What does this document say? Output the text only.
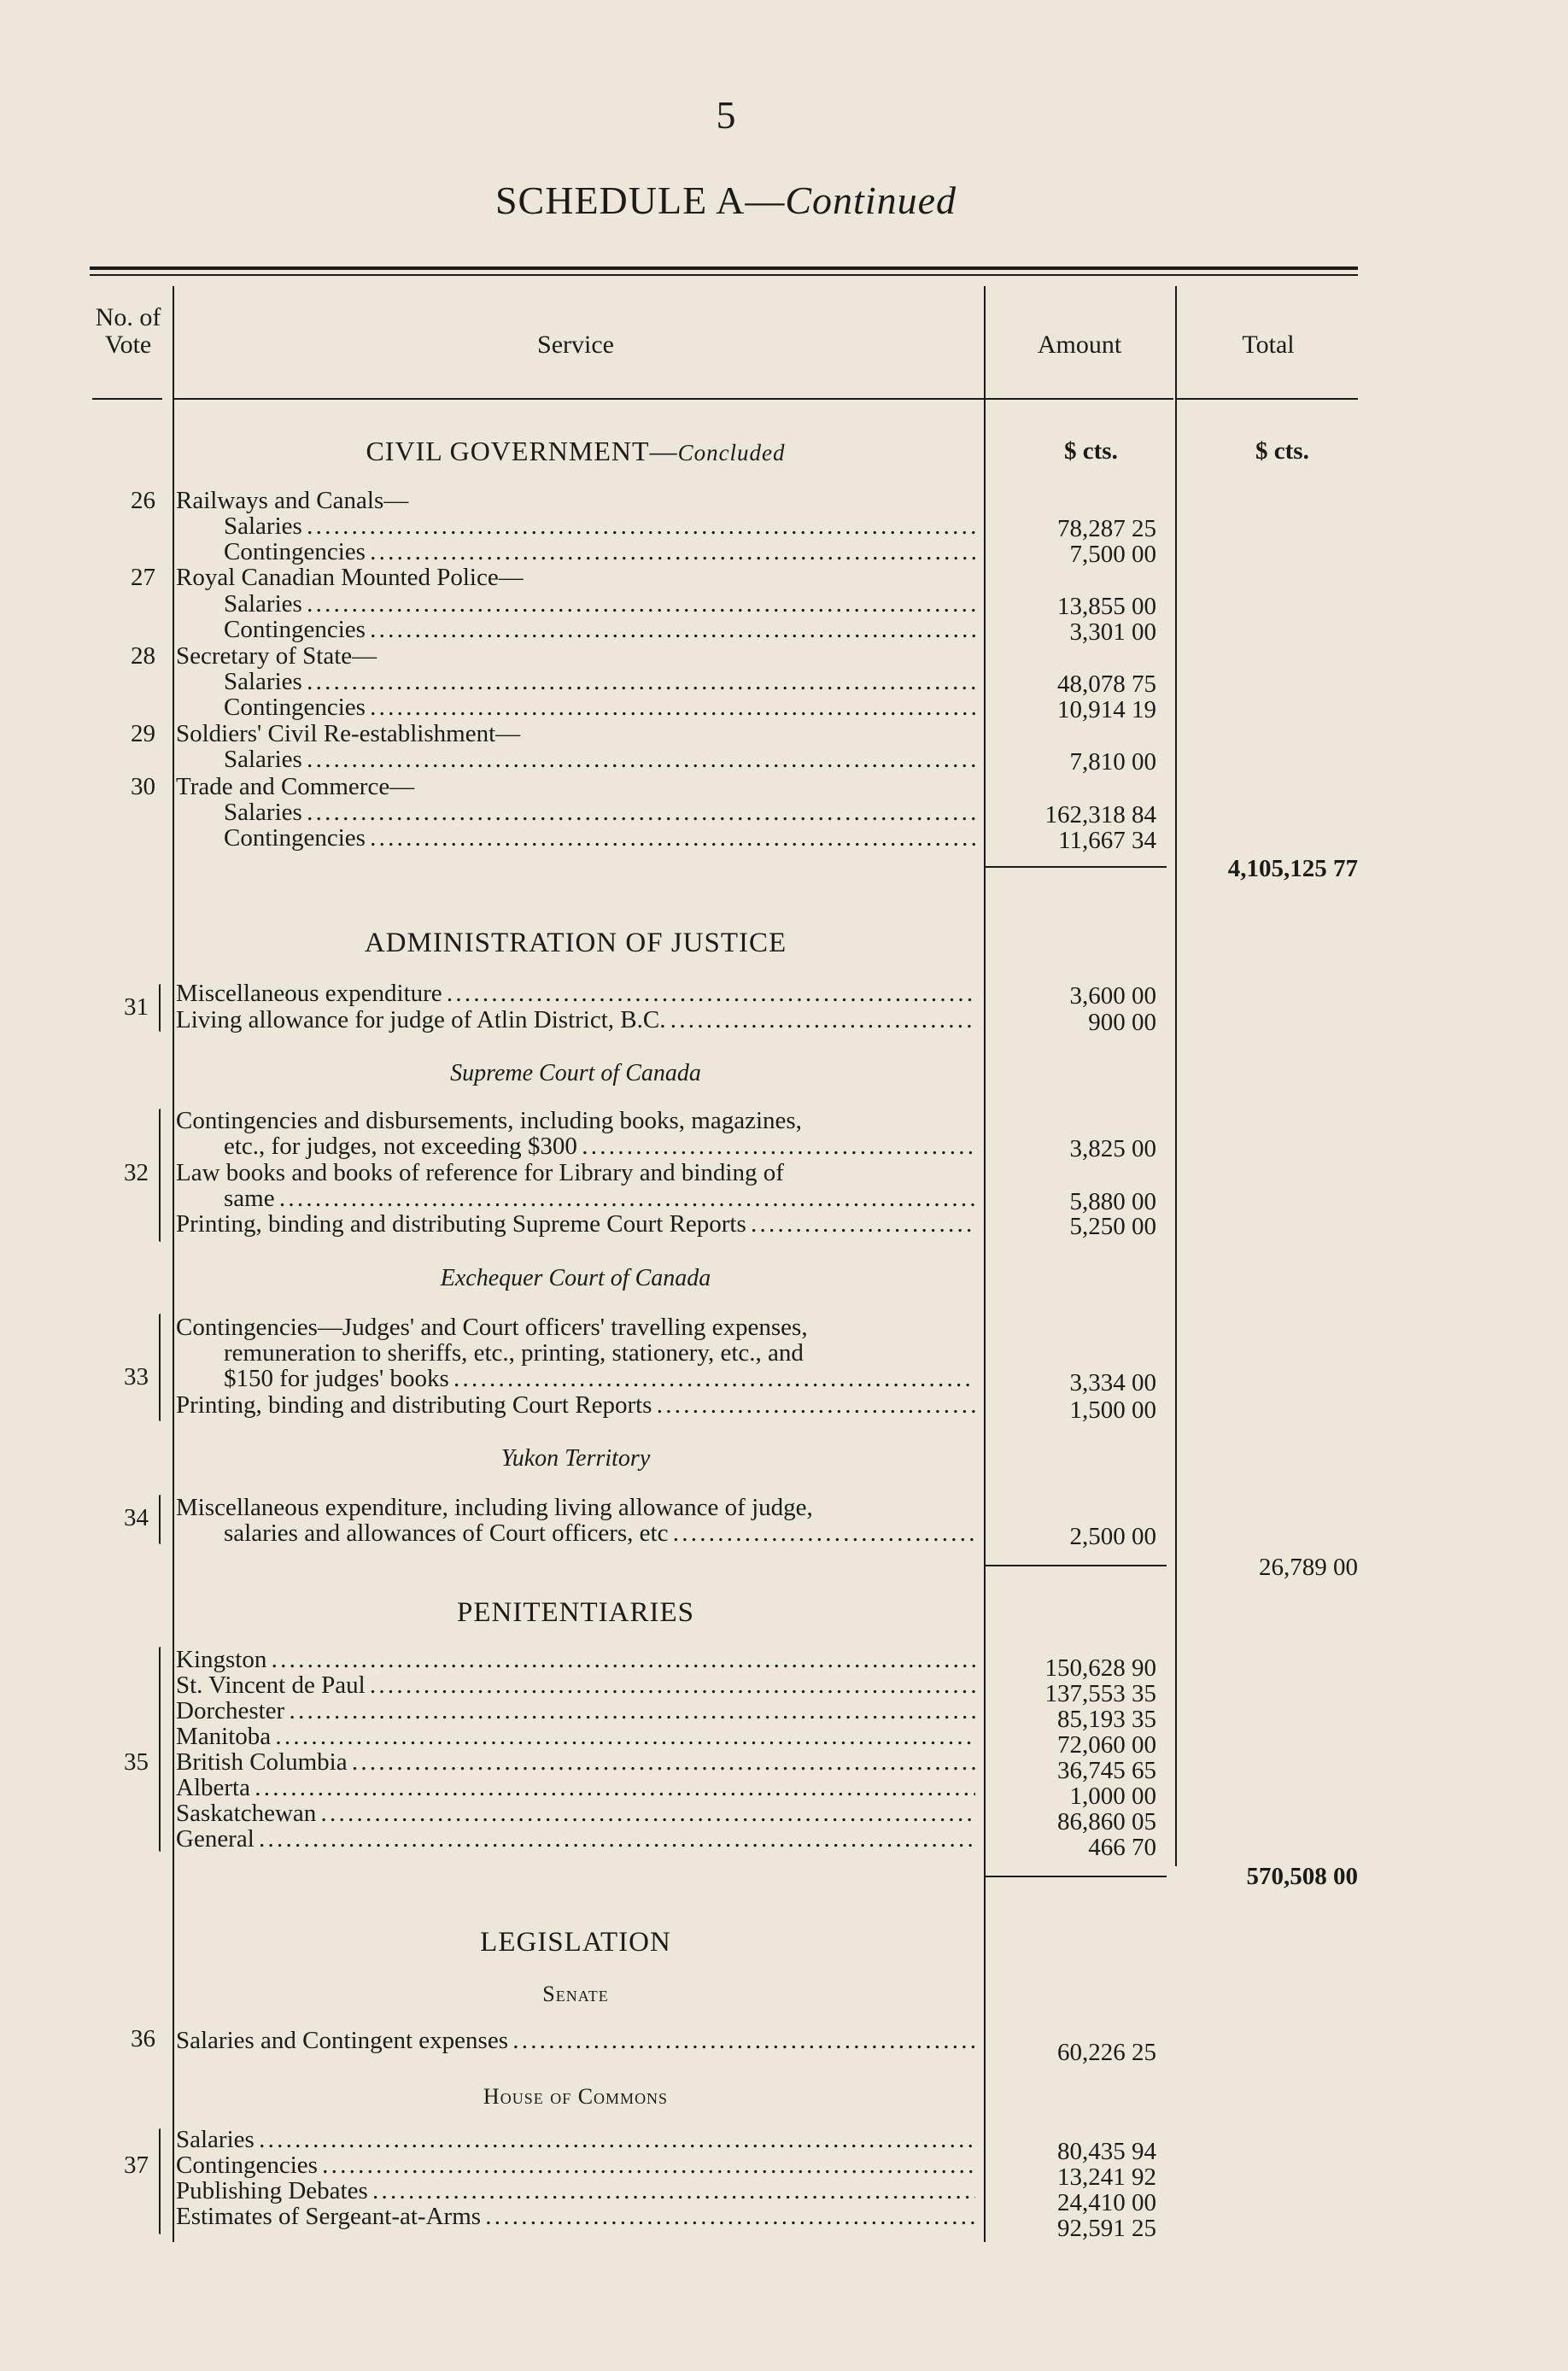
5
SCHEDULE A—Continued
No. of Vote	Service	Amount	Total
$ cts.	$ cts.
CIVIL GOVERNMENT—Concluded
26 Railways and Canals—
Salaries . . .	78,287 25
Contingencies . . .	7,500 00
27 Royal Canadian Mounted Police—
Salaries . . .	13,855 00
Contingencies . . .	3,301 00
28 Secretary of State—
Salaries . . .	48,078 75
Contingencies . . .	10,914 19
29 Soldiers' Civil Re-establishment—
Salaries . . .	7,810 00
30 Trade and Commerce—
Salaries . . .	162,318 84
Contingencies . . .	11,667 34
4,105,125 77
ADMINISTRATION OF JUSTICE
31 Miscellaneous expenditure . . .	3,600 00
Living allowance for judge of Atlin District, B.C. . . .	900 00
Supreme Court of Canada
32
Contingencies and disbursements, including books, magazines,
etc., for judges, not exceeding $300 . . .	3,825 00
Law books and books of reference for Library and binding of
same . . .	5,880 00
Printing, binding and distributing Supreme Court Reports . . .	5,250 00
Exchequer Court of Canada
33
Contingencies—Judges' and Court officers' travelling expenses,
remuneration to sheriffs, etc., printing, stationery, etc., and
$150 for judges' books . . .	3,334 00
Printing, binding and distributing Court Reports . . .	1,500 00
Yukon Territory
34 Miscellaneous expenditure, including living allowance of judge,
salaries and allowances of Court officers, etc . . .	2,500 00
26,789 00
PENITENTIARIES
35
Kingston . . .	150,628 90
St. Vincent de Paul . . .	137,553 35
Dorchester . . .	85,193 35
Manitoba . . .	72,060 00
British Columbia . . .	36,745 65
Alberta . . .	1,000 00
Saskatchewan . . .	86,860 05
General . . .	466 70
570,508 00
LEGISLATION
Senate
36 Salaries and Contingent expenses . . .	60,226 25
House of Commons
37
Salaries . . .	80,435 94
Contingencies . . .	13,241 92
Publishing Debates . . .	24,410 00
Estimates of Sergeant-at-Arms . . .	92,591 25
